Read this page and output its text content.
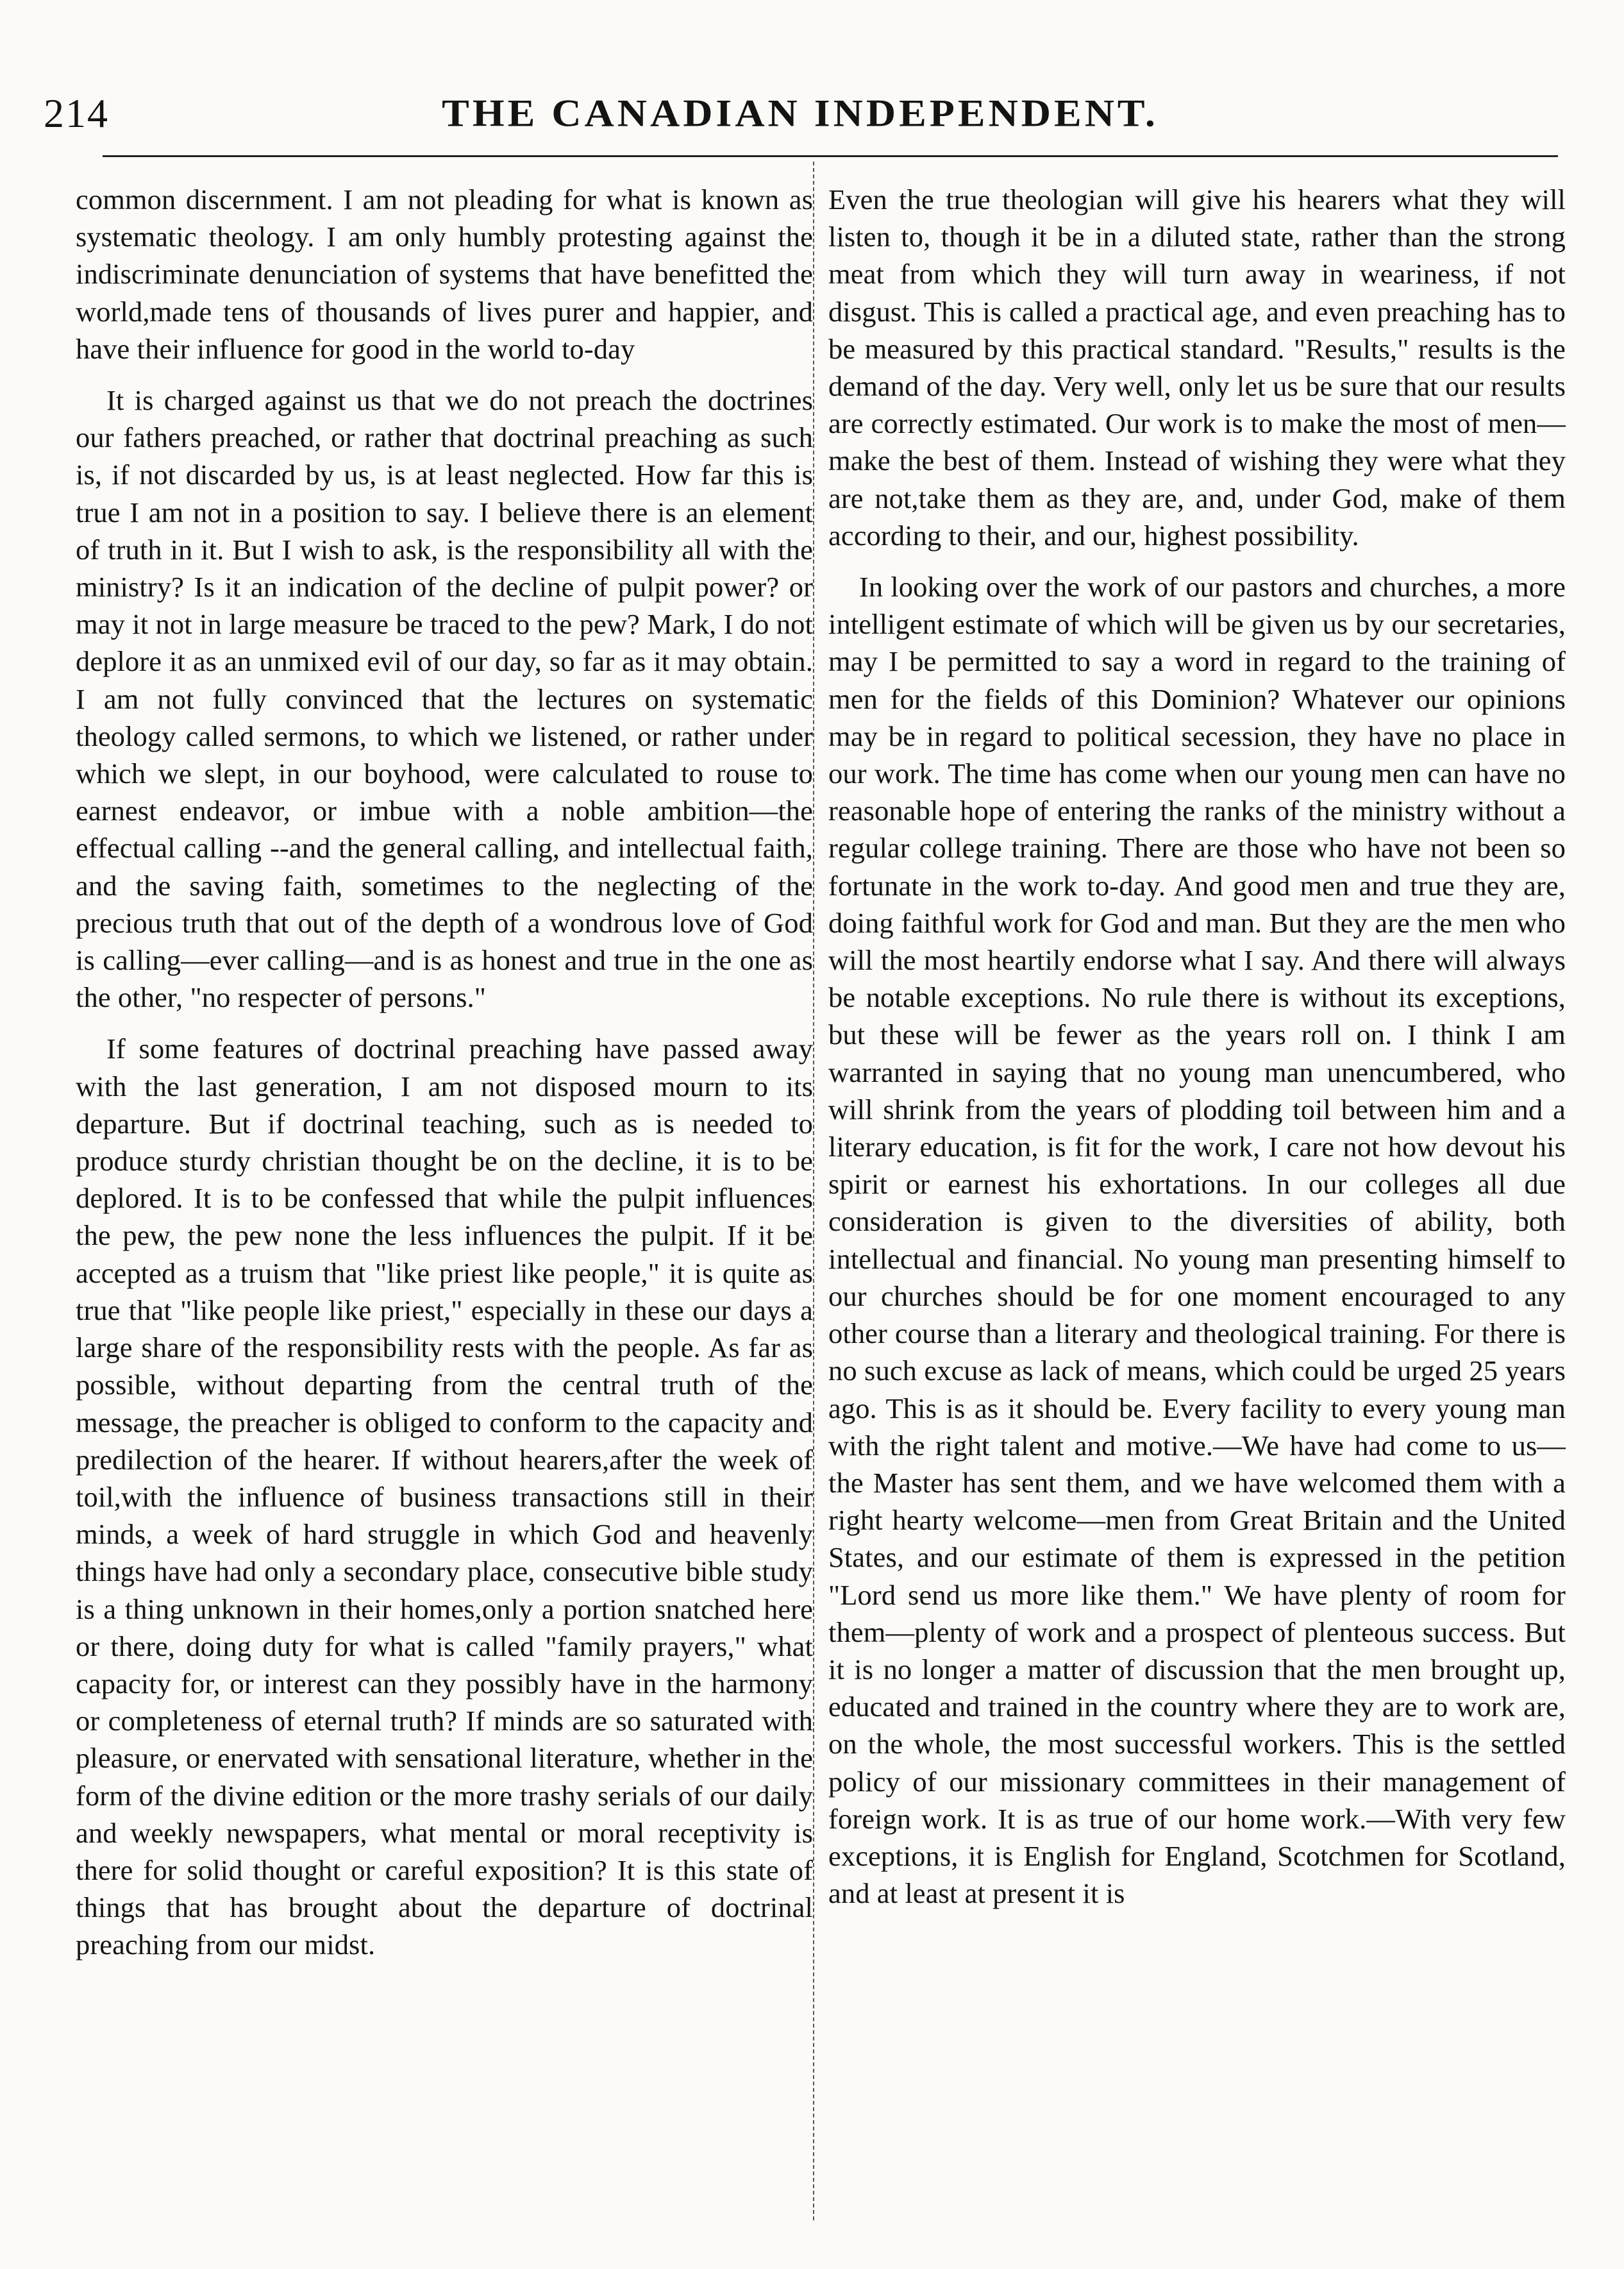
214	THE CANADIAN INDEPENDENT.

common discernment. I am not pleading for what is known as systematic theology. I am only humbly protesting against the indiscriminate denunciation of systems that have benefitted the world,made tens of thousands of lives purer and happier, and have their influence for good in the world to-day

It is charged against us that we do not preach the doctrines our fathers preached, or rather that doctrinal preaching as such is, if not discarded by us, is at least neglected. How far this is true I am not in a position to say. I believe there is an element of truth in it. But I wish to ask, is the responsibility all with the ministry? Is it an indication of the decline of pulpit power? or may it not in large measure be traced to the pew? Mark, I do not deplore it as an unmixed evil of our day, so far as it may obtain. I am not fully convinced that the lectures on systematic theology called sermons, to which we listened, or rather under which we slept, in our boyhood, were calculated to rouse to earnest endeavor, or imbue with a noble ambition—the effectual calling --and the general calling, and intellectual faith, and the saving faith, sometimes to the neglecting of the precious truth that out of the depth of a wondrous love of God is calling—ever calling—and is as honest and true in the one as the other, "no respecter of persons."

If some features of doctrinal preaching have passed away with the last generation, I am not disposed mourn to its departure. But if doctrinal teaching, such as is needed to produce sturdy christian thought be on the decline, it is to be deplored. It is to be confessed that while the pulpit influences the pew, the pew none the less influences the pulpit. If it be accepted as a truism that "like priest like people," it is quite as true that "like people like priest," especially in these our days a large share of the responsibility rests with the people. As far as possible, without departing from the central truth of the message, the preacher is obliged to conform to the capacity and predilection of the hearer. If without hearers,after the week of toil,with the influence of business transactions still in their minds, a week of hard struggle in which God and heavenly things have had only a secondary place, consecutive bible study is a thing unknown in their homes,only a portion snatched here or there, doing duty for what is called "family prayers," what capacity for, or interest can they possibly have in the harmony or completeness of eternal truth? If minds are so saturated with pleasure, or enervated with sensational literature, whether in the form of the divine edition or the more trashy serials of our daily and weekly newspapers, what mental or moral receptivity is there for solid thought or careful exposition? It is this state of things that has brought about the departure of doctrinal preaching from our midst.

Even the true theologian will give his hearers what they will listen to, though it be in a diluted state, rather than the strong meat from which they will turn away in weariness, if not disgust. This is called a practical age, and even preaching has to be measured by this practical standard. "Results," results is the demand of the day. Very well, only let us be sure that our results are correctly estimated. Our work is to make the most of men—make the best of them. Instead of wishing they were what they are not,take them as they are, and, under God, make of them according to their, and our, highest possibility.

In looking over the work of our pastors and churches, a more intelligent estimate of which will be given us by our secretaries, may I be permitted to say a word in regard to the training of men for the fields of this Dominion? Whatever our opinions may be in regard to political secession, they have no place in our work. The time has come when our young men can have no reasonable hope of entering the ranks of the ministry without a regular college training. There are those who have not been so fortunate in the work to-day. And good men and true they are, doing faithful work for God and man. But they are the men who will the most heartily endorse what I say. And there will always be notable exceptions. No rule there is without its exceptions, but these will be fewer as the years roll on. I think I am warranted in saying that no young man unencumbered, who will shrink from the years of plodding toil between him and a literary education, is fit for the work, I care not how devout his spirit or earnest his exhortations. In our colleges all due consideration is given to the diversities of ability, both intellectual and financial. No young man presenting himself to our churches should be for one moment encouraged to any other course than a literary and theological training. For there is no such excuse as lack of means, which could be urged 25 years ago. This is as it should be. Every facility to every young man with the right talent and motive.—We have had come to us—the Master has sent them, and we have welcomed them with a right hearty welcome—men from Great Britain and the United States, and our estimate of them is expressed in the petition "Lord send us more like them." We have plenty of room for them—plenty of work and a prospect of plenteous success. But it is no longer a matter of discussion that the men brought up, educated and trained in the country where they are to work are, on the whole, the most successful workers. This is the settled policy of our missionary committees in their management of foreign work. It is as true of our home work.—With very few exceptions, it is English for England, Scotchmen for Scotland, and at least at present it is
